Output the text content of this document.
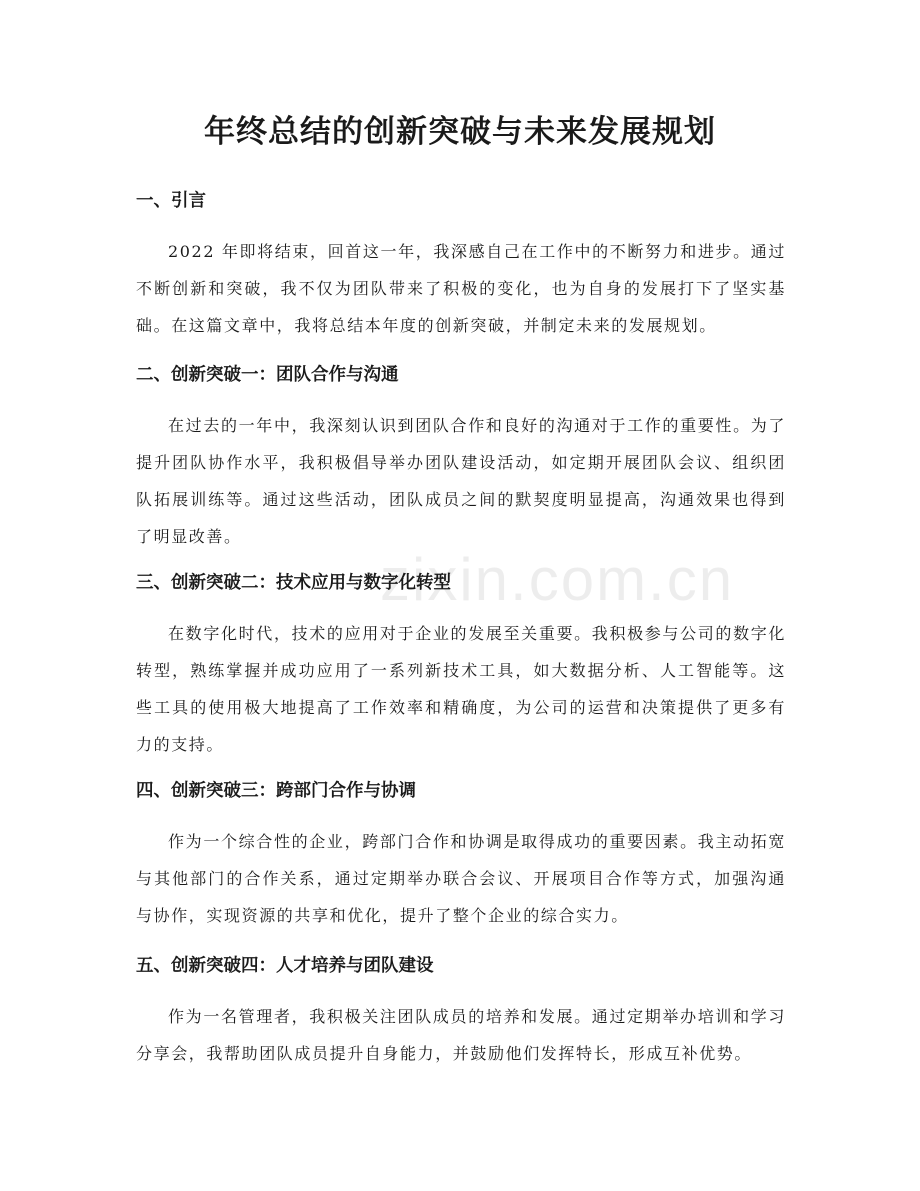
年终总结的创新突破与未来发展规划
zixin.com.cn
一、引言

2022 年即将结束，回首这一年，我深感自己在工作中的不断努力和进步。通过不断创新和突破，我不仅为团队带来了积极的变化，也为自身的发展打下了坚实基础。在这篇文章中，我将总结本年度的创新突破，并制定未来的发展规划。

二、创新突破一：团队合作与沟通

在过去的一年中，我深刻认识到团队合作和良好的沟通对于工作的重要性。为了提升团队协作水平，我积极倡导举办团队建设活动，如定期开展团队会议、组织团队拓展训练等。通过这些活动，团队成员之间的默契度明显提高，沟通效果也得到了明显改善。

三、创新突破二：技术应用与数字化转型

在数字化时代，技术的应用对于企业的发展至关重要。我积极参与公司的数字化转型，熟练掌握并成功应用了一系列新技术工具，如大数据分析、人工智能等。这些工具的使用极大地提高了工作效率和精确度，为公司的运营和决策提供了更多有力的支持。

四、创新突破三：跨部门合作与协调

作为一个综合性的企业，跨部门合作和协调是取得成功的重要因素。我主动拓宽与其他部门的合作关系，通过定期举办联合会议、开展项目合作等方式，加强沟通与协作，实现资源的共享和优化，提升了整个企业的综合实力。

五、创新突破四：人才培养与团队建设

作为一名管理者，我积极关注团队成员的培养和发展。通过定期举办培训和学习分享会，我帮助团队成员提升自身能力，并鼓励他们发挥特长，形成互补优势。
